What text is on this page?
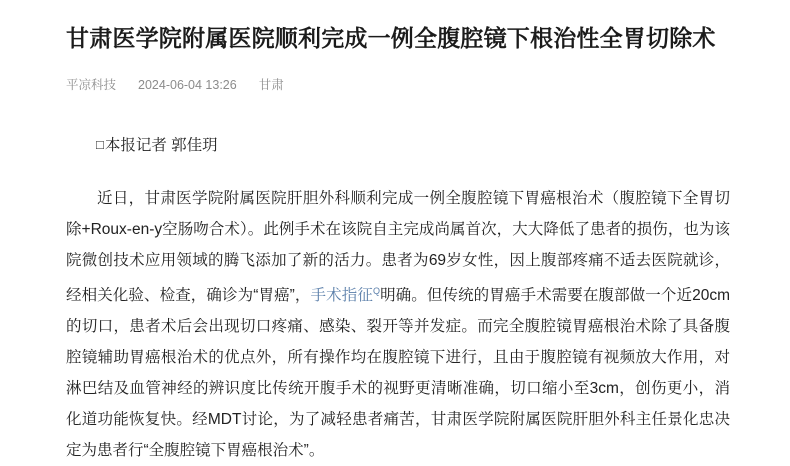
甘肃医学院附属医院顺利完成一例全腹腔镜下根治性全胃切除术
平凉科技 2024-06-04 13:26 甘肃

□本报记者 郭佳玥

近日，甘肃医学院附属医院肝胆外科顺利完成一例全腹腔镜下胃癌根治术（腹腔镜下全胃切除+Roux-en-y空肠吻合术）。此例手术在该院自主完成尚属首次，大大降低了患者的损伤，也为该院微创技术应用领域的腾飞添加了新的活力。患者为69岁女性，因上腹部疼痛不适去医院就诊，经相关化验、检查，确诊为“胃癌”，手术指征$^Q$明确。但传统的胃癌手术需要在腹部做一个近20cm的切口，患者术后会出现切口疼痛、感染、裂开等并发症。而完全腹腔镜胃癌根治术除了具备腹腔镜辅助胃癌根治术的优点外，所有操作均在腹腔镜下进行，且由于腹腔镜有视频放大作用，对淋巴结及血管神经的辨识度比传统开腹手术的视野更清晰准确，切口缩小至3cm，创伤更小，消化道功能恢复快。经MDT讨论，为了减轻患者痛苦，甘肃医学院附属医院肝胆外科主任景化忠决定为患者行“全腹腔镜下胃癌根治术”。
